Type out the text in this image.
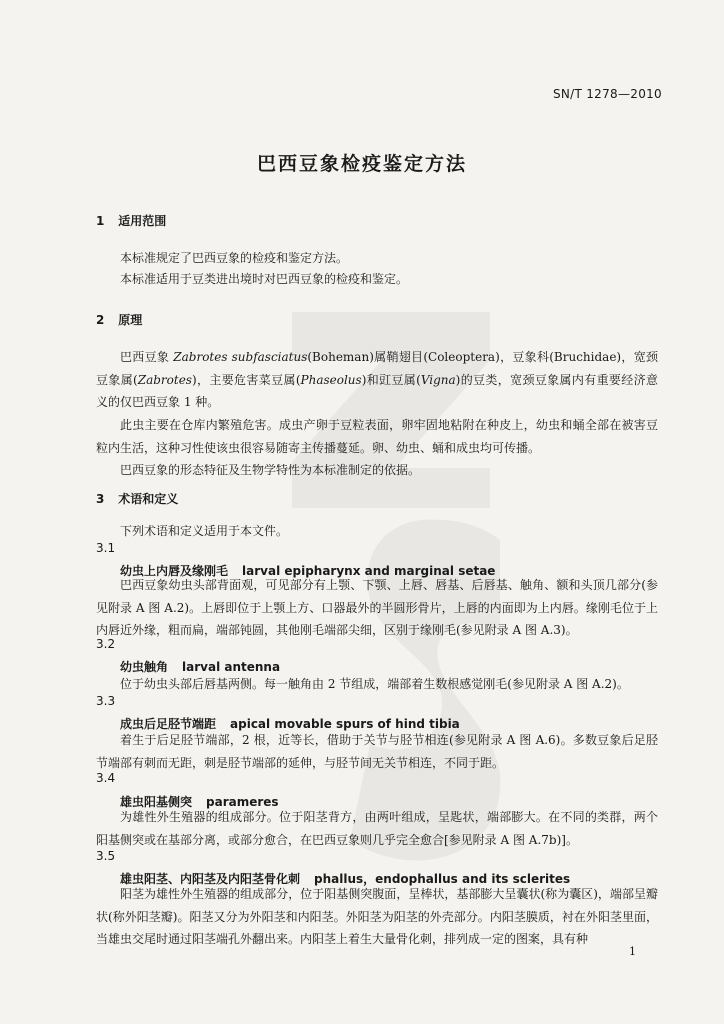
SN/T 1278—2010
巴西豆象检疫鉴定方法
1 适用范围
本标准规定了巴西豆象的检疫和鉴定方法。
本标准适用于豆类进出境时对巴西豆象的检疫和鉴定。
2 原理
巴西豆象 Zabrotes subfasciatus(Boheman)属鞘翅目(Coleoptera)，豆象科(Bruchidae)，宽颈豆象属(Zabrotes)，主要危害菜豆属(Phaseolus)和豇豆属(Vigna)的豆类，宽颈豆象属内有重要经济意义的仅巴西豆象 1 种。
此虫主要在仓库内繁殖危害。成虫产卵于豆粒表面，卵牢固地粘附在种皮上，幼虫和蛹全部在被害豆粒内生活，这种习性使该虫很容易随寄主传播蔓延。卵、幼虫、蛹和成虫均可传播。
巴西豆象的形态特征及生物学特性为本标准制定的依据。
3 术语和定义
下列术语和定义适用于本文件。
3.1
幼虫上内唇及缘刚毛 larval epipharynx and marginal setae
巴西豆象幼虫头部背面观，可见部分有上颚、下颚、上唇、唇基、后唇基、触角、额和头顶几部分(参见附录 A 图 A.2)。上唇即位于上颚上方、口器最外的半圆形骨片，上唇的内面即为上内唇。缘刚毛位于上内唇近外缘，粗而扁，端部钝圆，其他刚毛端部尖细，区别于缘刚毛(参见附录 A 图 A.3)。
3.2
幼虫触角 larval antenna
位于幼虫头部后唇基两侧。每一触角由 2 节组成，端部着生数根感觉刚毛(参见附录 A 图 A.2)。
3.3
成虫后足胫节端距 apical movable spurs of hind tibia
着生于后足胫节端部，2 根，近等长，借助于关节与胫节相连(参见附录 A 图 A.6)。多数豆象后足胫节端部有刺而无距，刺是胫节端部的延伸，与胫节间无关节相连，不同于距。
3.4
雄虫阳基侧突 parameres
为雄性外生殖器的组成部分。位于阳茎背方，由两叶组成，呈匙状，端部膨大。在不同的类群，两个阳基侧突或在基部分离，或部分愈合，在巴西豆象则几乎完全愈合[参见附录 A 图 A.7b)]。
3.5
雄虫阳茎、内阳茎及内阳茎骨化刺 phallus，endophallus and its sclerites
阳茎为雄性外生殖器的组成部分，位于阳基侧突腹面，呈棒状，基部膨大呈囊状(称为囊区)，端部呈瓣状(称外阳茎瓣)。阳茎又分为外阳茎和内阳茎。外阳茎为阳茎的外壳部分。内阳茎膜质，衬在外阳茎里面，当雄虫交尾时通过阳茎端孔外翻出来。内阳茎上着生大量骨化刺，排列成一定的图案，具有种
1
